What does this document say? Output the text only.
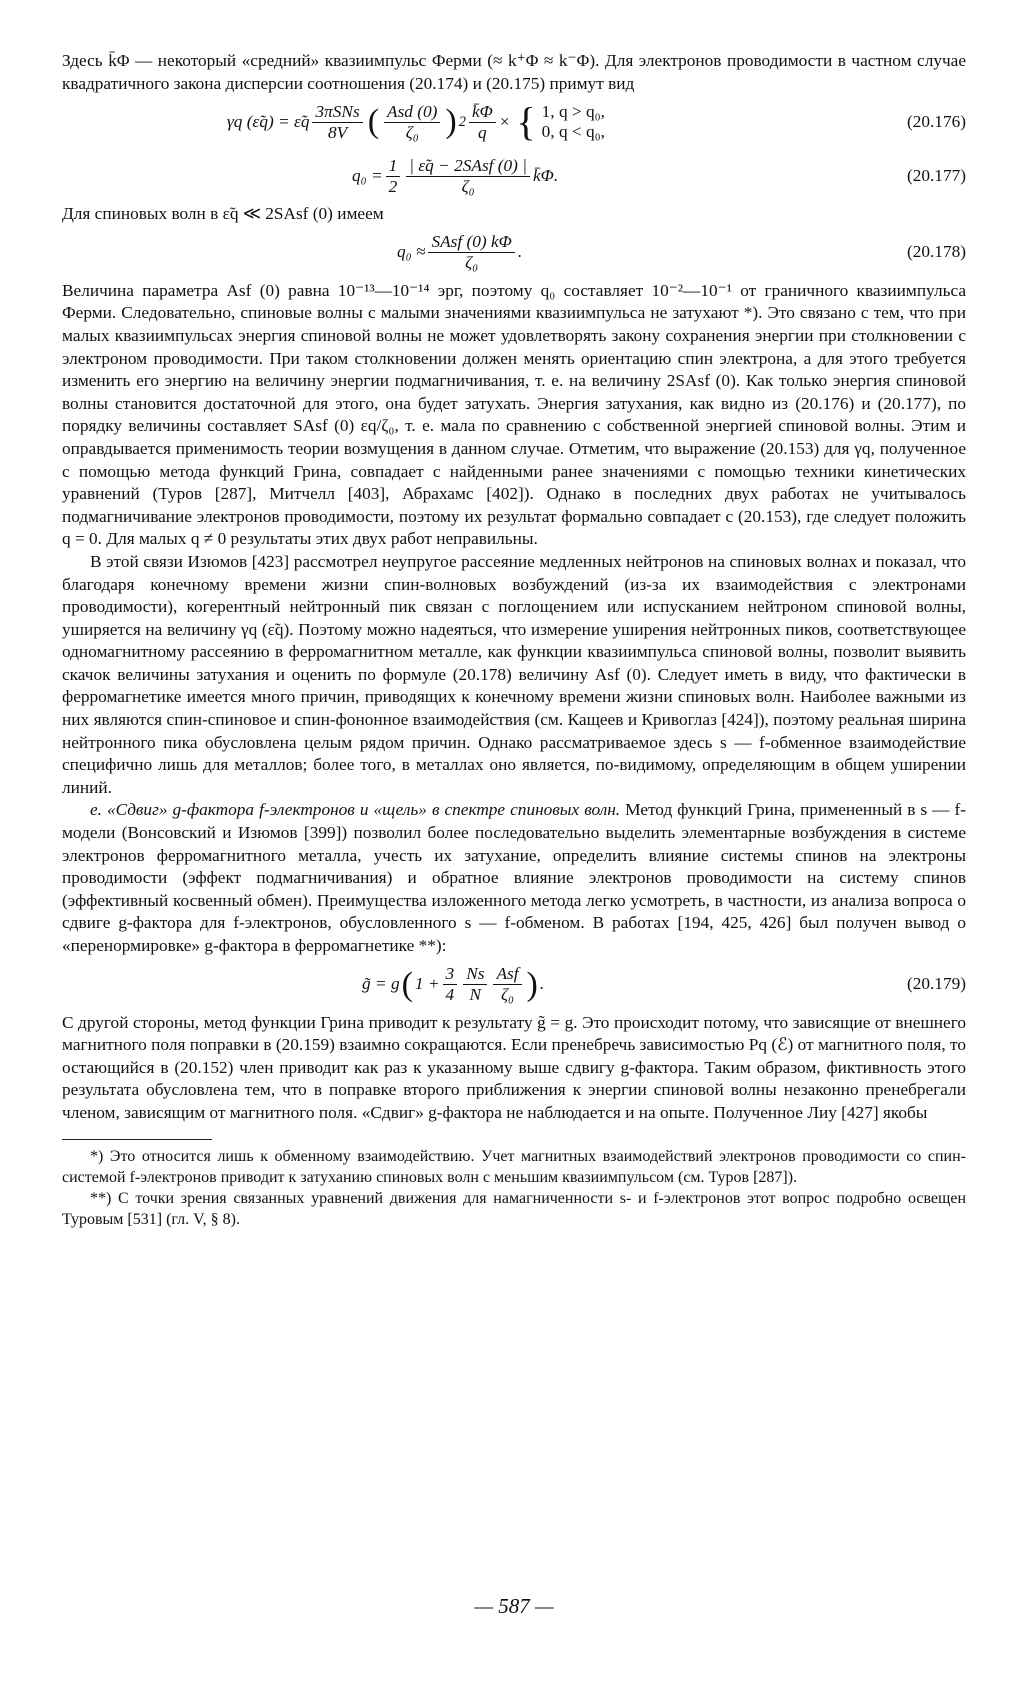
Здесь k̄Φ — некоторый «средний» квазиимпульс Ферми (≈ k⁺Φ ≈ k⁻Φ). Для электронов проводимости в частном случае квадратичного закона дисперсии соотношения (20.174) и (20.175) примут вид

γq (ε̃q) = ε̃q $\frac{\text{3πSNs}}{8V}$ ( $\frac{\text{Asd (0)}}{\text{ζ₀}}$ ) $2 \frac{k̄\Phi}{q}$ × { 1, q > q₀,
0, q < q₀,
(20.176)
$q_0 = \frac{1}{2} \frac{\text{| ε̃q − 2SAsf (0) |}}{\text{ζ₀}}$ k̄Φ.	(20.177)

Для спиновых волн в ε̃q ≪ 2SAsf (0) имеем

$q_0 \approx \frac{\text{SAsf (0) kΦ}}{\text{ζ₀}}$ .	(20.178)

Величина параметра Asf (0) равна 10⁻¹³—10⁻¹⁴ эрг, поэтому q₀ составляет 10⁻²—10⁻¹ от граничного квазиимпульса Ферми. Следовательно, спиновые волны с малыми значениями квазиимпульса не затухают *). Это связано с тем, что при малых квазиимпульсах энергия спиновой волны не может удовлетворять закону сохранения энергии при столкновении с электроном проводимости. При таком столкновении должен менять ориентацию спин электрона, а для этого требуется изменить его энергию на величину энергии подмагничивания, т. е. на величину 2SAsf (0). Как только энергия спиновой волны становится достаточной для этого, она будет затухать. Энергия затухания, как видно из (20.176) и (20.177), по порядку величины составляет SAsf (0) εq/ζ₀, т. е. мала по сравнению с собственной энергией спиновой волны. Этим и оправдывается применимость теории возмущения в данном случае. Отметим, что выражение (20.153) для γq, полученное с помощью метода функций Грина, совпадает с найденными ранее значениями с помощью техники кинетических уравнений (Туров [287], Митчелл [403], Абрахамс [402]). Однако в последних двух работах не учитывалось подмагничивание электронов проводимости, поэтому их результат формально совпадает с (20.153), где следует положить q = 0. Для малых q ≠ 0 результаты этих двух работ неправильны.

В этой связи Изюмов [423] рассмотрел неупругое рассеяние медленных нейтронов на спиновых волнах и показал, что благодаря конечному времени жизни спин-волновых возбуждений (из-за их взаимодействия с электронами проводимости), когерентный нейтронный пик связан с поглощением или испусканием нейтроном спиновой волны, уширяется на величину γq (ε̃q). Поэтому можно надеяться, что измерение уширения нейтронных пиков, соответствующее одномагнитному рассеянию в ферромагнитном металле, как функции квазиимпульса спиновой волны, позволит выявить скачок величины затухания и оценить по формуле (20.178) величину Asf (0). Следует иметь в виду, что фактически в ферромагнетике имеется много причин, приводящих к конечному времени жизни спиновых волн. Наиболее важными из них являются спин-спиновое и спин-фононное взаимодействия (см. Кащеев и Кривоглаз [424]), поэтому реальная ширина нейтронного пика обусловлена целым рядом причин. Однако рассматриваемое здесь s — f-обменное взаимодействие специфично лишь для металлов; более того, в металлах оно является, по-видимому, определяющим в общем уширении линий.

е. «Сдвиг» g-фактора f-электронов и «щель» в спектре спиновых волн. Метод функций Грина, примененный в s — f-модели (Вонсовский и Изюмов [399]) позволил более последовательно выделить элементарные возбуждения в системе электронов ферромагнитного металла, учесть их затухание, определить влияние системы спинов на электроны проводимости (эффект подмагничивания) и обратное влияние электронов проводимости на систему спинов (эффективный косвенный обмен). Преимущества изложенного метода легко усмотреть, в частности, из анализа вопроса о сдвиге g-фактора для f-электронов, обусловленного s — f-обменом. В работах [194, 425, 426] был получен вывод о «перенормировке» g-фактора в ферромагнетике **):

g̃ = g ( $1 + \frac{3}{4} \frac{Ns}{N} \frac{\text{Asf}}{\text{ζ₀}}$ ) .	(20.179)

С другой стороны, метод функции Грина приводит к результату g̃ = g. Это происходит потому, что зависящие от внешнего магнитного поля поправки в (20.159) взаимно сокращаются. Если пренебречь зависимостью Pq (ℰ) от магнитного поля, то остающийся в (20.152) член приводит как раз к указанному выше сдвигу g-фактора. Таким образом, фиктивность этого результата обусловлена тем, что в поправке второго приближения к энергии спиновой волны незаконно пренебрегали членом, зависящим от магнитного поля. «Сдвиг» g-фактора не наблюдается и на опыте. Полученное Лиу [427] якобы

*) Это относится лишь к обменному взаимодействию. Учет магнитных взаимодействий электронов проводимости со спин-системой f-электронов приводит к затуханию спиновых волн с меньшим квазиимпульсом (см. Туров [287]).

**) С точки зрения связанных уравнений движения для намагниченности s- и f-электронов этот вопрос подробно освещен Туровым [531] (гл. V, § 8).

— 587 —
